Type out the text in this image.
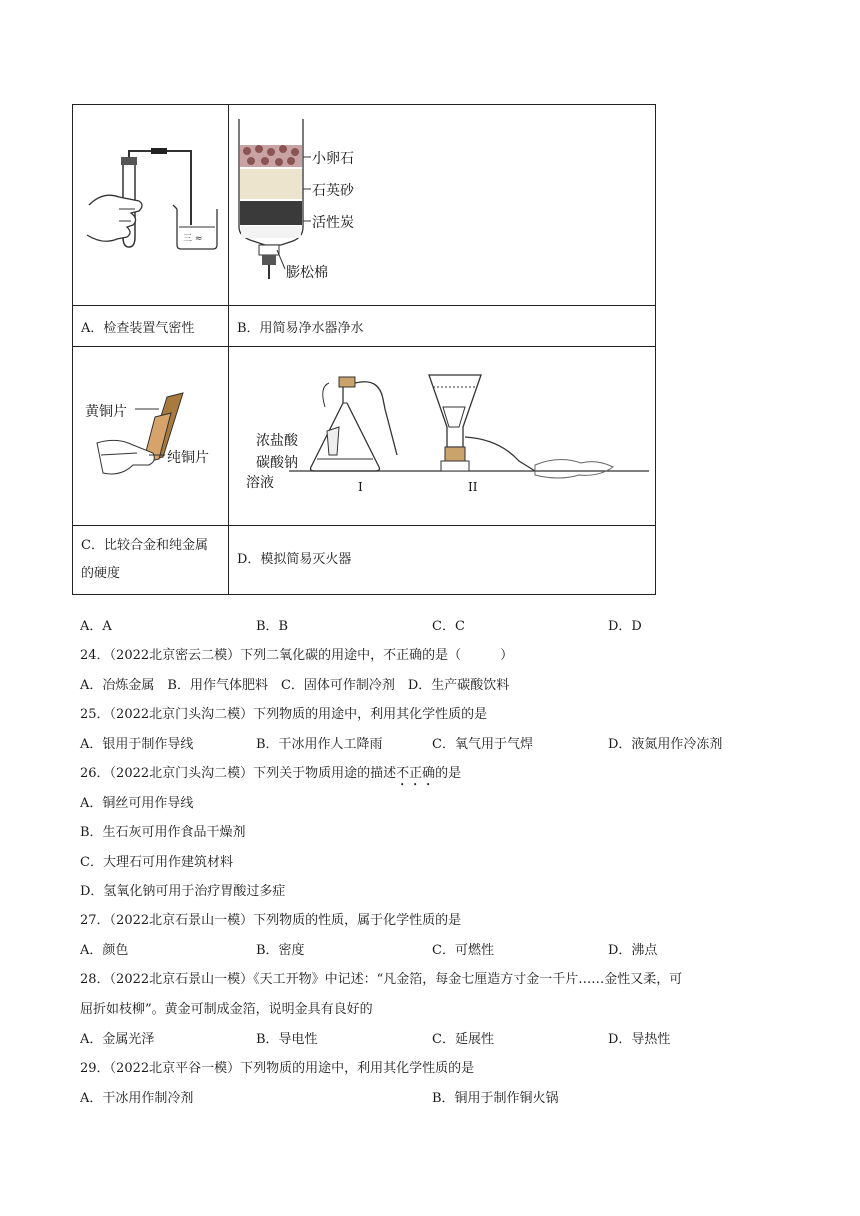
三 ≈	小卵石
石英砂
活性炭
膨松棉

A．检查装置气密性	B．用简易净水器净水

黄铜片
纯铜片	浓盐酸
碳酸钠
溶液 I II

C．比较合金和纯金属
的硬度	D．模拟简易灭火器
A．A	B．B	C．C	D．D
24．（2022北京密云二模）下列二氧化碳的用途中，不正确的是（　　　）
A．冶炼金属　B．用作气体肥料　C．固体可作制冷剂　D．生产碳酸饮料
25．（2022北京门头沟二模）下列物质的用途中，利用其化学性质的是
A．银用于制作导线	B．干冰用作人工降雨	C．氧气用于气焊	D．液氮用作冷冻剂
26．（2022北京门头沟二模）下列关于物质用途的描述不正确的是
A．铜丝可用作导线
B．生石灰可用作食品干燥剂
C．大理石可用作建筑材料
D．氢氧化钠可用于治疗胃酸过多症
27．（2022北京石景山一模）下列物质的性质，属于化学性质的是
A．颜色	B．密度	C．可燃性	D．沸点
28．（2022北京石景山一模）《天工开物》中记述：“凡金箔，每金七厘造方寸金一千片……金性又柔，可
屈折如枝柳”。黄金可制成金箔，说明金具有良好的
A．金属光泽	B．导电性	C．延展性	D．导热性
29．（2022北京平谷一模）下列物质的用途中，利用其化学性质的是
A．干冰用作制冷剂	B．铜用于制作铜火锅
